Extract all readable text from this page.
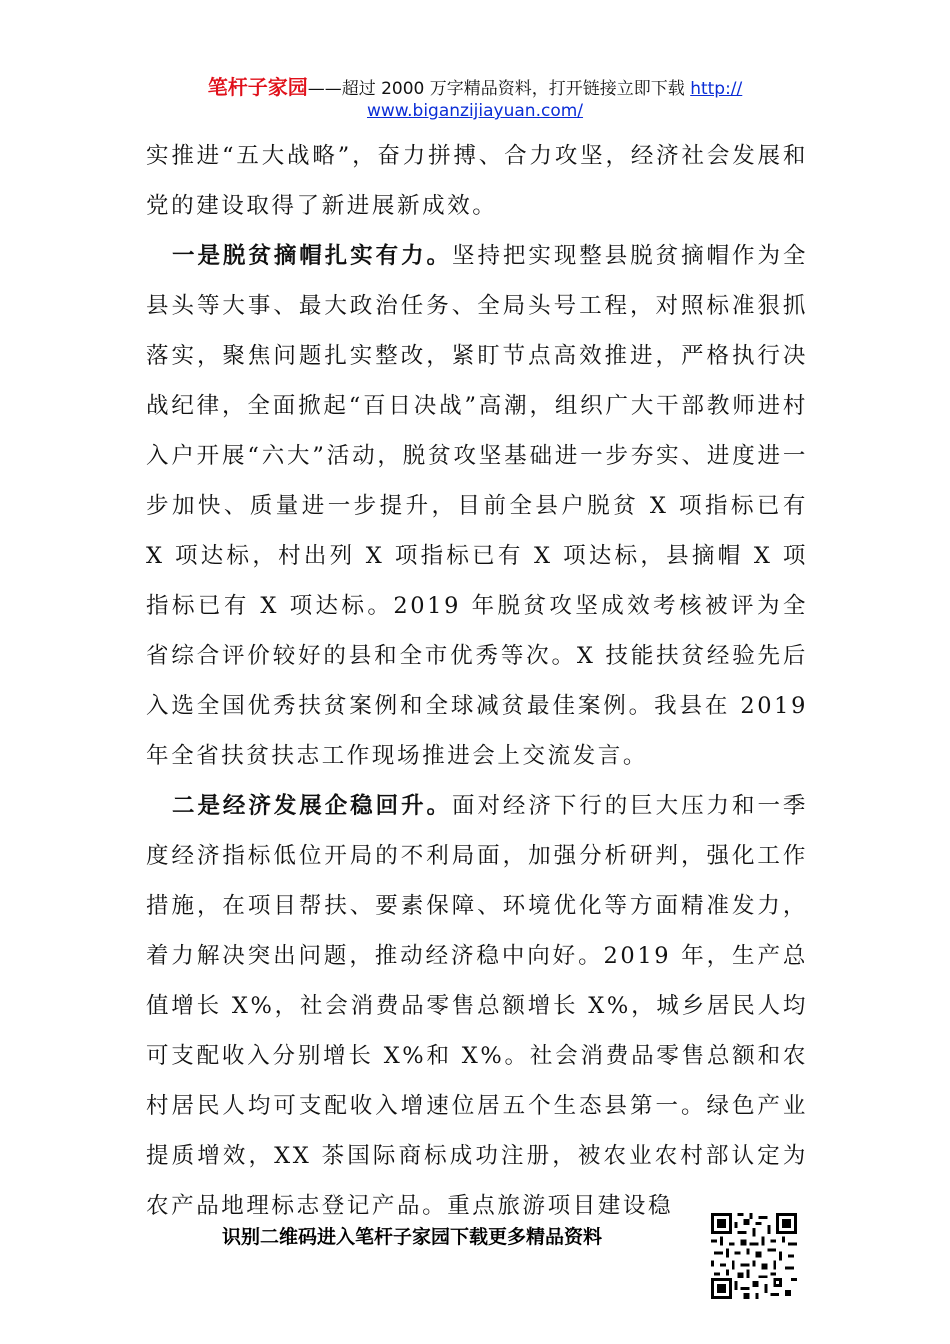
笔杆子家园——超过 2000 万字精品资料，打开链接立即下载 http://
www.biganzijiayuan.com/

实推进“五大战略”，奋力拼搏、合力攻坚，经济社会发展和党的建设取得了新进展新成效。

一是脱贫摘帽扎实有力。坚持把实现整县脱贫摘帽作为全县头等大事、最大政治任务、全局头号工程，对照标准狠抓落实，聚焦问题扎实整改，紧盯节点高效推进，严格执行决战纪律，全面掀起“百日决战”高潮，组织广大干部教师进村入户开展“六大”活动，脱贫攻坚基础进一步夯实、进度进一步加快、质量进一步提升，目前全县户脱贫 X 项指标已有 X 项达标，村出列 X 项指标已有 X 项达标，县摘帽 X 项指标已有 X 项达标。2019 年脱贫攻坚成效考核被评为全省综合评价较好的县和全市优秀等次。X 技能扶贫经验先后入选全国优秀扶贫案例和全球减贫最佳案例。我县在 2019 年全省扶贫扶志工作现场推进会上交流发言。

二是经济发展企稳回升。面对经济下行的巨大压力和一季度经济指标低位开局的不利局面，加强分析研判，强化工作措施，在项目帮扶、要素保障、环境优化等方面精准发力，着力解决突出问题，推动经济稳中向好。2019 年，生产总值增长 X%，社会消费品零售总额增长 X%，城乡居民人均可支配收入分别增长 X%和 X%。社会消费品零售总额和农村居民人均可支配收入增速位居五个生态县第一。绿色产业提质增效，XX 茶国际商标成功注册，被农业农村部认定为农产品地理标志登记产品。重点旅游项目建设稳

识别二维码进入笔杆子家园下载更多精品资料
